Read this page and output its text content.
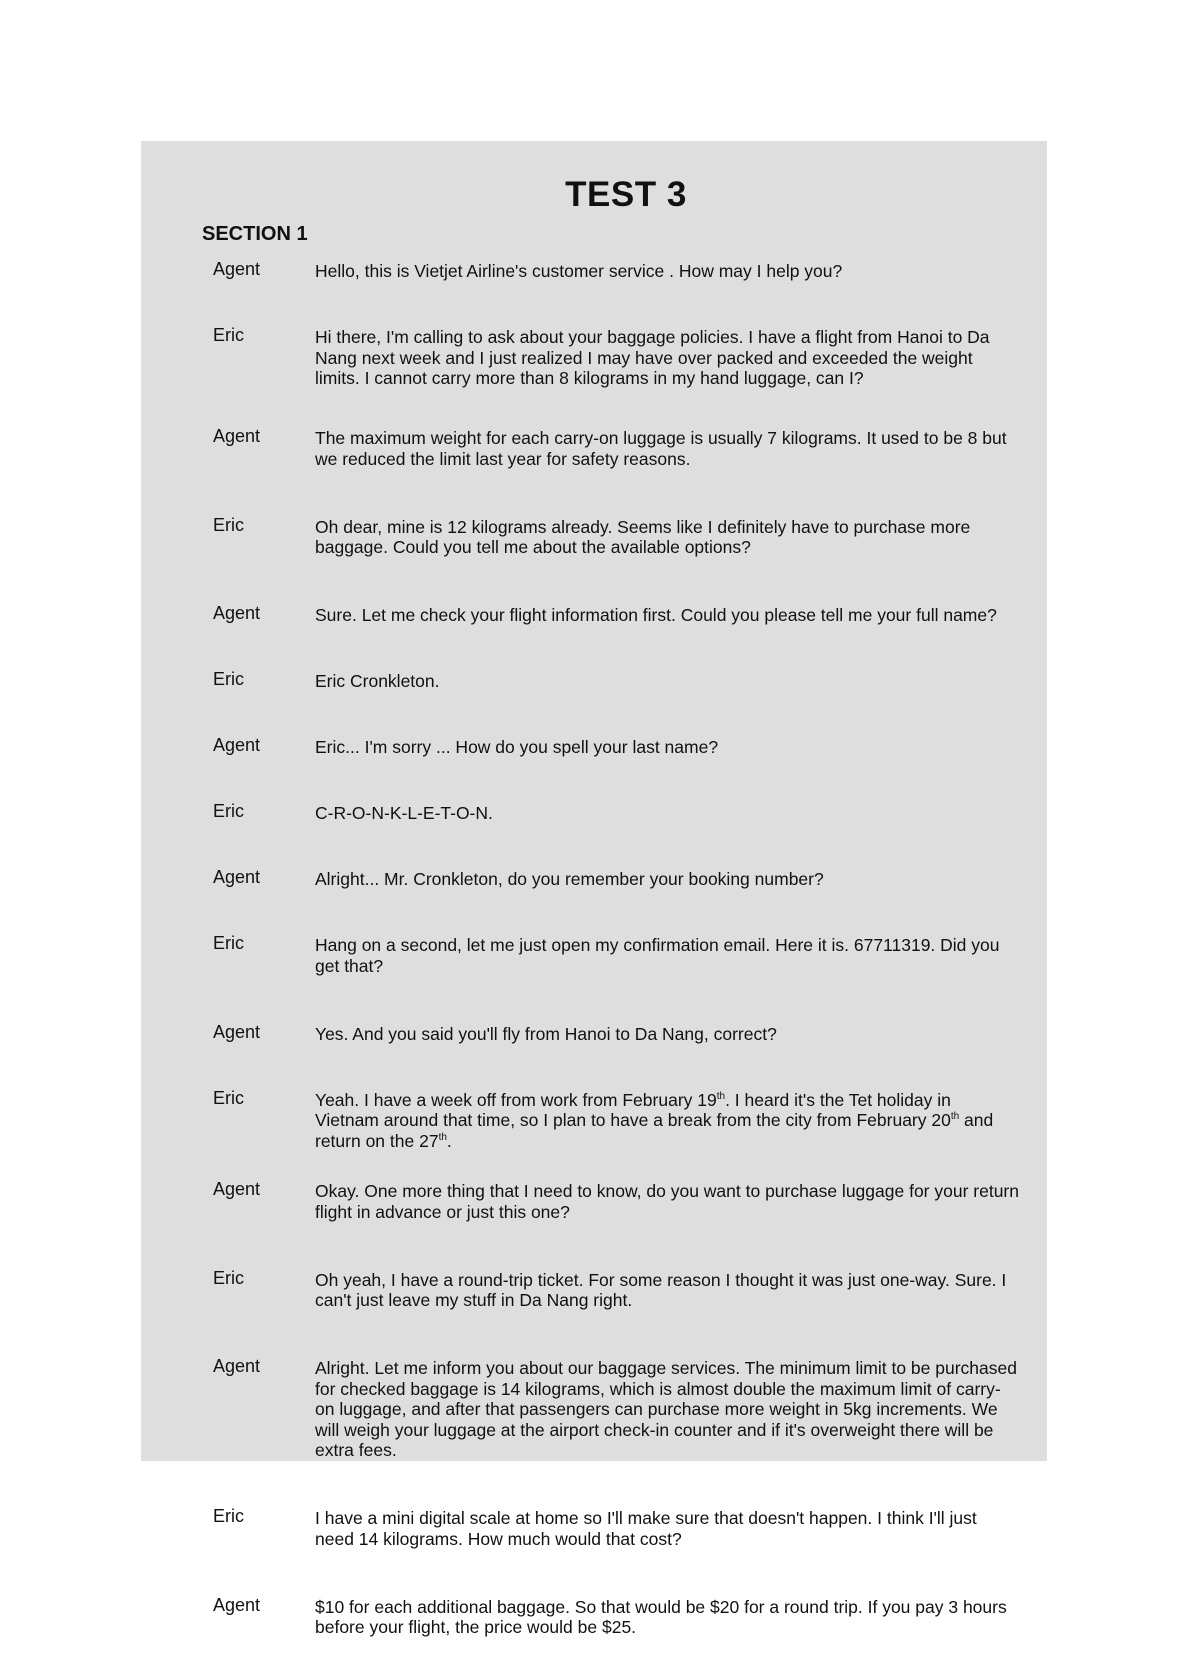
TEST 3
SECTION 1
Agent	Hello, this is Vietjet Airline's customer service . How may I help you?

Eric	Hi there, I'm calling to ask about your baggage policies. I have a flight from Hanoi to Da Nang next week and I just realized I may have over packed and exceeded the weight limits. I cannot carry more than 8 kilograms in my hand luggage, can I?

Agent	The maximum weight for each carry-on luggage is usually 7 kilograms. It used to be 8 but we reduced the limit last year for safety reasons.

Eric	Oh dear, mine is 12 kilograms already. Seems like I definitely have to purchase more baggage. Could you tell me about the available options?

Agent	Sure. Let me check your flight information first. Could you please tell me your full name?

Eric	Eric Cronkleton.

Agent	Eric... I'm sorry ... How do you spell your last name?

Eric	C-R-O-N-K-L-E-T-O-N.

Agent	Alright... Mr. Cronkleton, do you remember your booking number?

Eric	Hang on a second, let me just open my confirmation email. Here it is. 67711319. Did you get that?

Agent	Yes. And you said you'll fly from Hanoi to Da Nang, correct?

Eric	Yeah. I have a week off from work from February 19th. I heard it's the Tet holiday in Vietnam around that time, so I plan to have a break from the city from February 20th and return on the 27th.

Agent	Okay. One more thing that I need to know, do you want to purchase luggage for your return flight in advance or just this one?

Eric	Oh yeah, I have a round-trip ticket. For some reason I thought it was just one-way. Sure. I can't just leave my stuff in Da Nang right.

Agent	Alright. Let me inform you about our baggage services. The minimum limit to be purchased for checked baggage is 14 kilograms, which is almost double the maximum limit of carry-on luggage, and after that passengers can purchase more weight in 5kg increments. We will weigh your luggage at the airport check-in counter and if it's overweight there will be extra fees.

Eric	I have a mini digital scale at home so I'll make sure that doesn't happen. I think I'll just need 14 kilograms. How much would that cost?

Agent	$10 for each additional baggage. So that would be $20 for a round trip. If you pay 3 hours before your flight, the price would be $25.
